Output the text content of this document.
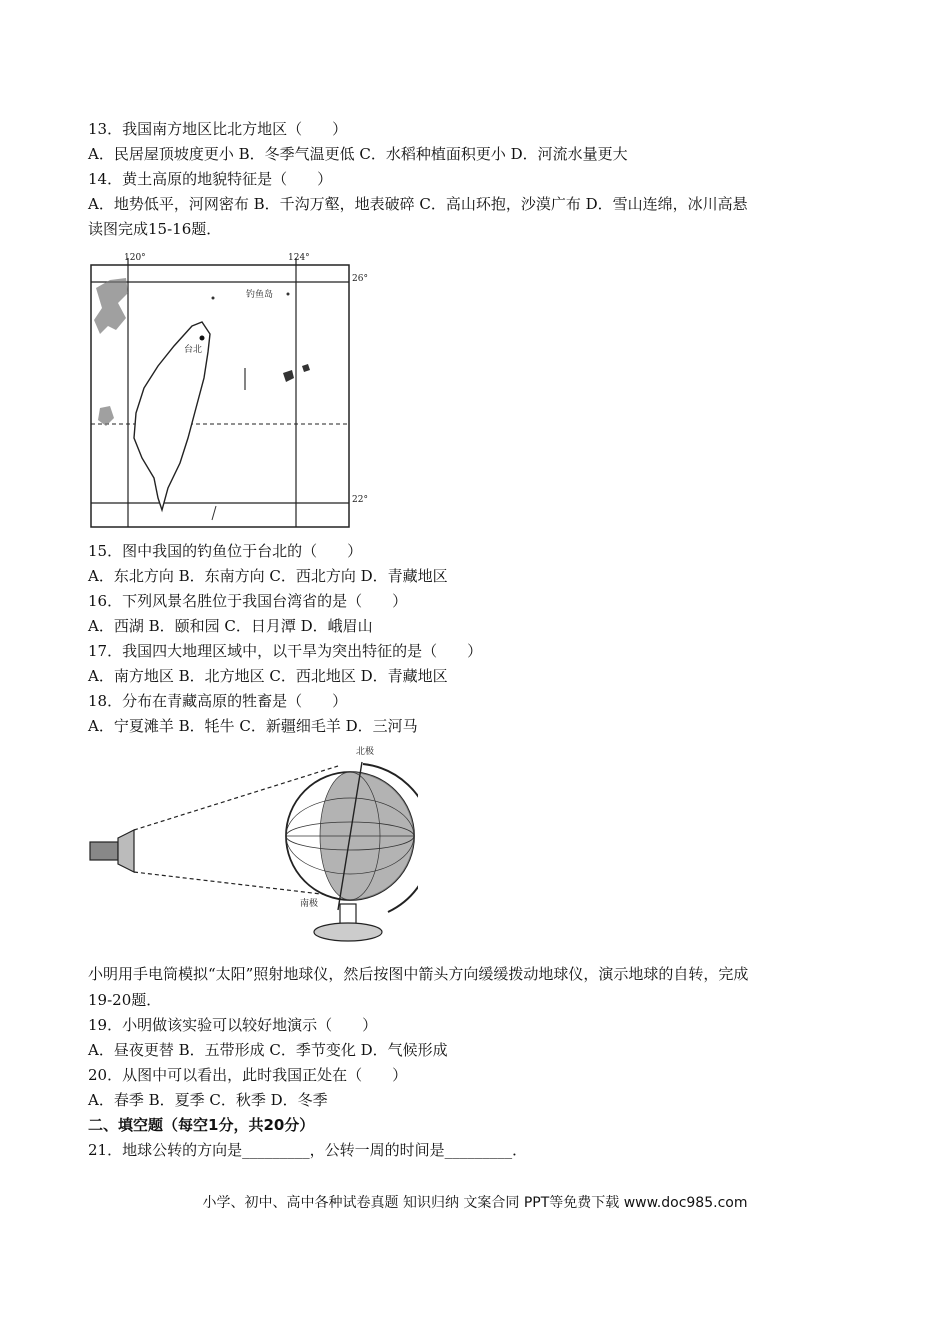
13．我国南方地区比北方地区（　　）
A．民居屋顶坡度更小 B．冬季气温更低 C．水稻种植面积更小 D．河流水量更大
14．黄土高原的地貌特征是（　　）
A．地势低平，河网密布 B．千沟万壑，地表破碎 C．高山环抱，沙漠广布 D．雪山连绵，冰川高悬
读图完成15-16题．
120°	124°
26°
22°
钓鱼岛
台北
15．图中我国的钓鱼位于台北的（　　）
A．东北方向 B．东南方向 C．西北方向 D．青藏地区
16．下列风景名胜位于我国台湾省的是（　　）
A．西湖 B．颐和园 C．日月潭 D．峨眉山
17．我国四大地理区域中，以干旱为突出特征的是（　　）
A．南方地区 B．北方地区 C．西北地区 D．青藏地区
18．分布在青藏高原的牲畜是（　　）
A．宁夏滩羊 B．牦牛 C．新疆细毛羊 D．三河马
北极
南极
小明用手电筒模拟“太阳”照射地球仪，然后按图中箭头方向缓缓拨动地球仪，演示地球的自转，完成
19-20题．
19．小明做该实验可以较好地演示（　　）
A．昼夜更替 B．五带形成 C．季节变化 D．气候形成
20．从图中可以看出，此时我国正处在（　　）
A．春季 B．夏季 C．秋季 D．冬季
二、填空题（每空1分，共20分）
21．地球公转的方向是_________，公转一周的时间是_________．
小学、初中、高中各种试卷真题 知识归纳 文案合同 PPT等免费下载 www.doc985.com
